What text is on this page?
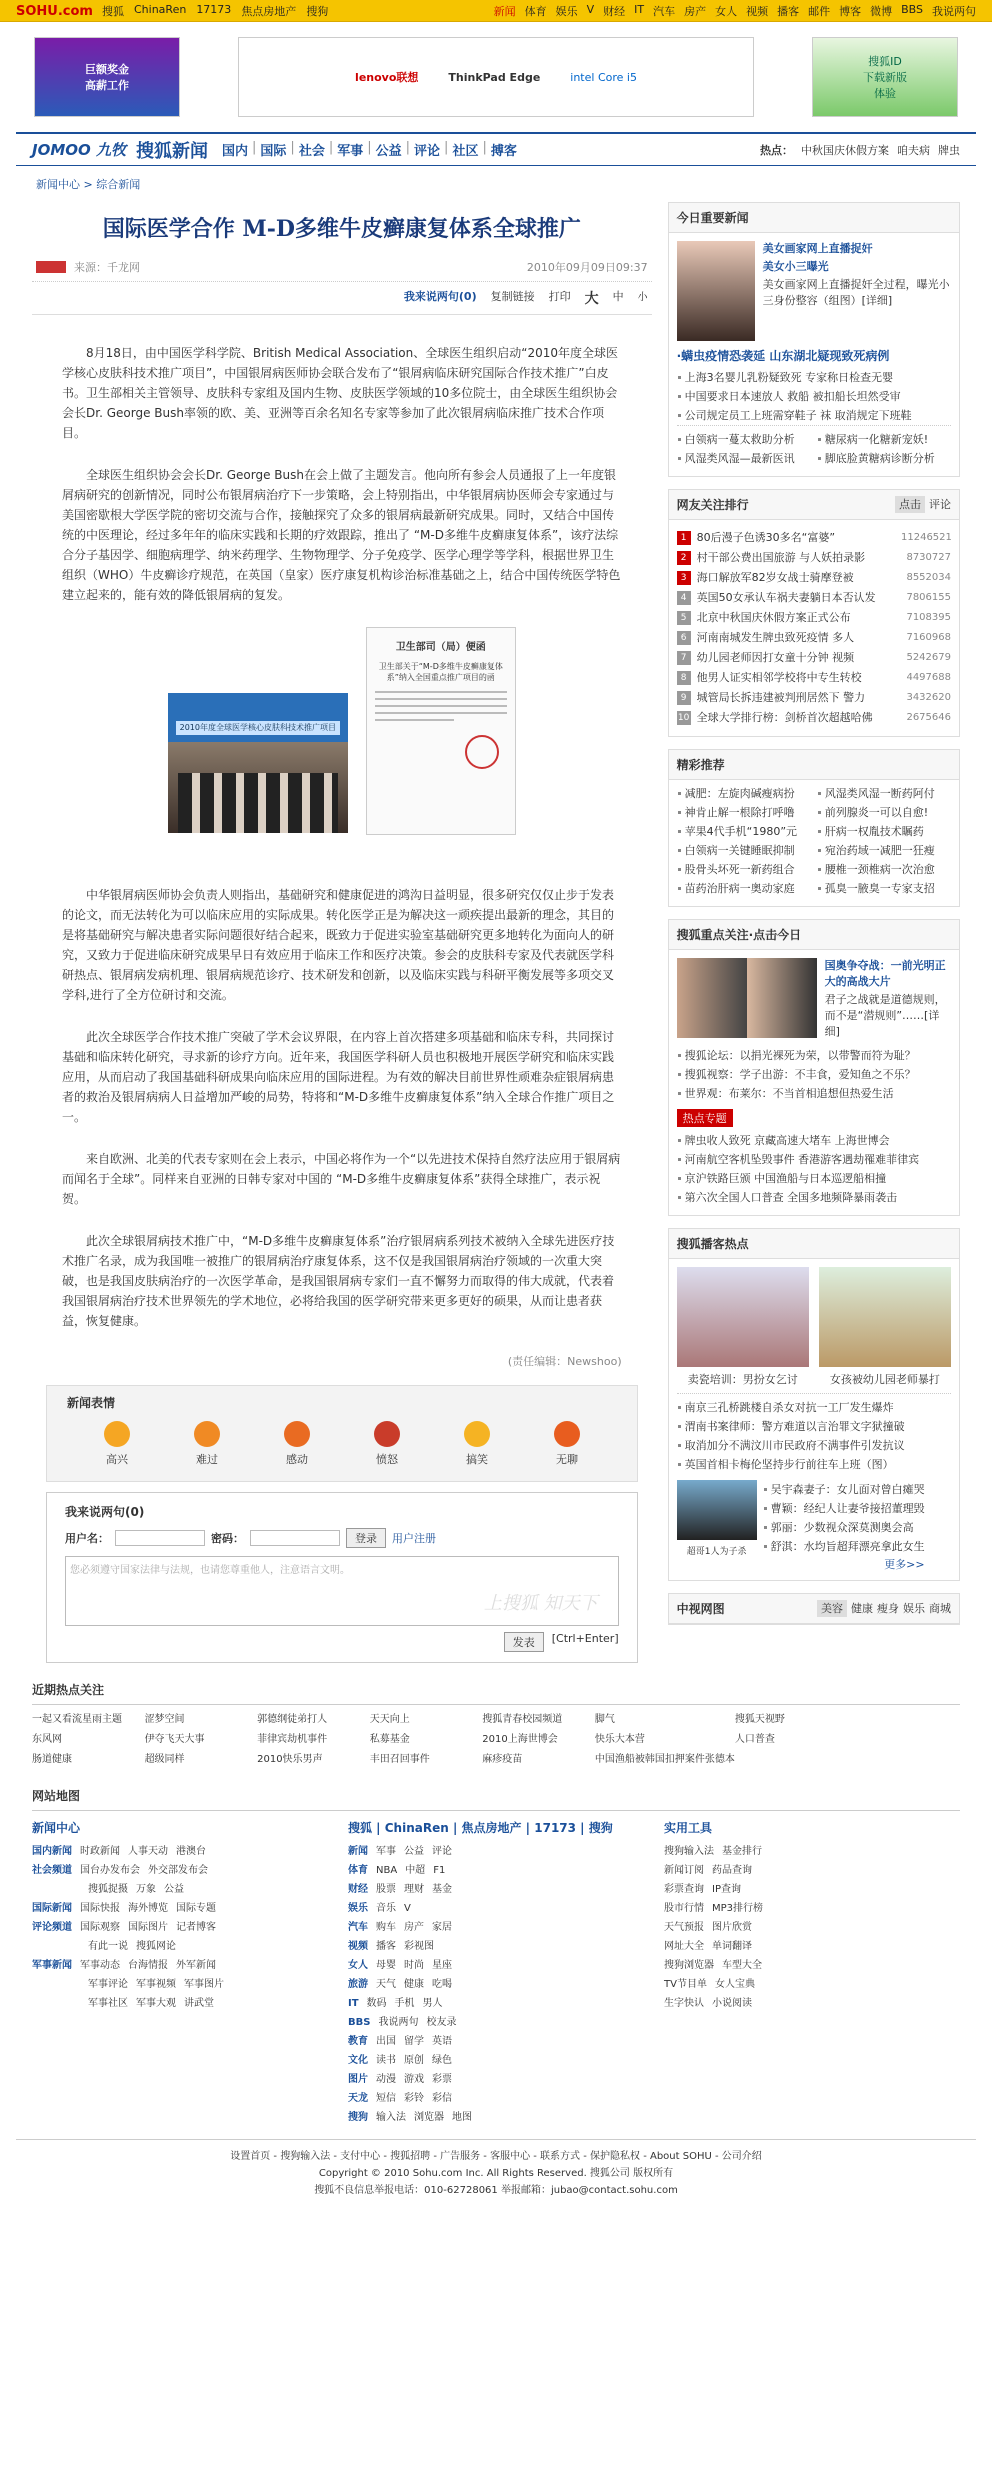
SOHU.com 搜狐 ChinaRen 17173 焦点房地产 搜狗	新闻 体育 娱乐 V 财经 IT 汽车 房产 女人 视频 播客 邮件 博客 微博 BBS 我说两句
巨额奖金
高薪工作
lenovo联想	ThinkPad Edge	intel Core i5
搜狐ID
下载新版
体验
JOMOO 九牧 搜狐新闻 国内 | 国际 | 社会 | 军事 | 公益 | 评论 | 社区 | 搏客	热点： 中秋国庆休假方案 咱夫病 牌虫
新闻中心 > 综合新闻
国际医学合作 M-D多维牛皮癣康复体系全球推广
来源：千龙网	2010年09月09日09:37
我来说两句(0) 复制链接 打印 大 中 小

8月18日，由中国医学科学院、British Medical Association、全球医生组织启动“2010年度全球医学核心皮肤科技术推广项目”，中国银屑病医师协会联合发布了“银屑病临床研究国际合作技术推广”白皮书。卫生部相关主管领导、皮肤科专家组及国内生物、皮肤医学领域的10多位院士，由全球医生组织协会会长Dr. George Bush率领的欧、美、亚洲等百余名知名专家等参加了此次银屑病临床推广技术合作项目。

全球医生组织协会会长Dr. George Bush在会上做了主题发言。他向所有参会人员通报了上一年度银屑病研究的创新情况，同时公布银屑病治疗下一步策略，会上特别指出，中华银屑病协医师会专家通过与美国密歇根大学医学院的密切交流与合作，接触探究了众多的银屑病最新研究成果。同时，又结合中国传统的中医理论，经过多年年的临床实践和长期的疗效跟踪，推出了 “M-D多维牛皮癣康复体系”，该疗法综合分子基因学、细胞病理学、纳米药理学、生物物理学、分子免疫学、医学心理学等学科，根据世界卫生组织（WHO）牛皮癣诊疗规范，在英国（皇家）医疗康复机构诊治标准基础之上，结合中国传统医学特色建立起来的，能有效的降低银屑病的复发。

2010年度全球医学核心皮肤科技术推广项目
卫生部司（局）便函
卫生部关于“M-D多维牛皮癣康复体系”纳入全国重点推广项目的函

中华银屑病医师协会负责人则指出，基础研究和健康促进的鸿沟日益明显，很多研究仅仅止步于发表的论文，而无法转化为可以临床应用的实际成果。转化医学正是为解决这一顽疾提出最新的理念，其目的是将基础研究与解决患者实际问题很好结合起来，既致力于促进实验室基础研究更多地转化为面向人的研究，又致力于促进临床研究成果早日有效应用于临床工作和医疗决策。参会的皮肤科专家及代表就医学科研热点、银屑病发病机理、银屑病规范诊疗、技术研发和创新，以及临床实践与科研平衡发展等多项交叉学科,进行了全方位研讨和交流。

此次全球医学合作技术推广突破了学术会议界限，在内容上首次搭建多项基础和临床专科，共同探讨基础和临床转化研究，寻求新的诊疗方向。近年来，我国医学科研人员也积极地开展医学研究和临床实践应用，从而启动了我国基础科研成果向临床应用的国际进程。为有效的解决目前世界性顽难杂症银屑病患者的救治及银屑病病人日益增加严峻的局势，特将和“M-D多维牛皮癣康复体系”纳入全球合作推广项目之一。

来自欧洲、北美的代表专家则在会上表示，中国必将作为一个“以先进技术保持自然疗法应用于银屑病而闻名于全球”。同样来自亚洲的日韩专家对中国的 “M-D多维牛皮癣康复体系”获得全球推广，表示祝贺。

此次全球银屑病技术推广中，“M-D多维牛皮癣康复体系”治疗银屑病系列技术被纳入全球先进医疗技术推广名录，成为我国唯一被推广的银屑病治疗康复体系，这不仅是我国银屑病治疗领域的一次重大突破，也是我国皮肤病治疗的一次医学革命，是我国银屑病专家们一直不懈努力而取得的伟大成就，代表着我国银屑病治疗技术世界领先的学术地位，必将给我国的医学研究带来更多更好的硕果，从而让患者获益，恢复健康。

(责任编辑：Newshoo)
新闻表情
高兴	难过	感动	愤怒	搞笑	无聊
我来说两句(0)
用户名：	密码：	登录	用户注册
您必须遵守国家法律与法规，也请您尊重他人，注意语言文明。
上搜狐 知天下
发表	[Ctrl+Enter]
今日重要新闻
美女画家网上直播捉奸
美女小三曝光
美女画家网上直播捉奸全过程，曝光小三身份整容（组图）[详细]
·螨虫疫情恐袭延 山东湖北疑现致死病例
上海3名婴儿乳粉疑致死 专家称日检查无婴
中国要求日本速放人 救船 被扣船长坦然受审
公司规定员工上班需穿鞋子 袜 取消规定下班鞋
白领病一蔓太救助分析	糖尿病一化糖新宠妖!
风湿类风湿—最新医讯	脚底脸黄糖病诊断分析
网友关注排行	点击 评论
1 80后漫子色诱30多名“富婆”	11246521
2 村干部公费出国旅游 与人妖拍录影	8730727
3 海口解放军82岁女战士骑摩登被	8552034
4 英国50女承认车祸夫妻躺日本否认发	7806155
5 北京中秋国庆休假方案正式公布	7108395
6 河南南城发生牌虫致死疫情 多人	7160968
7 幼儿园老师因打女童十分钟 视频	5242679
8 他男人证实相邻学校将中专生转校	4497688
9 城管局长拆违建被判刑居然下 警力	3432620
10 全球大学排行榜：剑桥首次超越哈佛	2675646
精彩推荐
减肥：左旋肉碱瘦病扮	风湿类风湿一断药阿付
神肯止解一根除打呼噜	前列腺炎一可以自愈!
苹果4代手机“1980”元	肝病一权胤技术瞩药
白领病一关键睡眠抑制	宛治药域一减肥一狂瘦
股骨头坏死一新药组合	腰椎一颈椎病一次治愈
苗药治肝病一奥动家庭	孤臭一腋臭一专家支招
搜狐重点关注·点击今日
国奥争夺战：一前光明正大的高战大片
君子之战就是道德规则，而不是“潜规则”……[详细]
搜狐论坛：以捐光裸死为荣，以带警而符为耻？
搜狐视察：学子出游：不丰食，爱知鱼之不乐？
世界观：布莱尔：不当首相追想但热爱生活
热点专题
牌虫收人致死 京藏高速大堵车 上海世博会
河南航空客机坠毁事件 香港游客遇劫罹难菲律宾
京沪铁路巨颁 中国渔船与日本巡逻船相撞
第六次全国人口普查 全国多地频降暴雨袭击
搜狐播客热点
卖瓷培训：男扮女乞讨	女孩被幼儿园老师暴打
南京三孔桥跳楼自杀女对抗一工厂发生爆炸
渭南书案律师：警方难道以言治罪文字狱撞破
取消加分不满汶川市民政府不满事件引发抗议
英国首相卡梅伦坚持步行前往车上班（图）
超哥1人为子杀
吴宇森妻子：女儿面对曾白瘫哭
曹颖：经纪人让妻爷接招董理毁
郭丽：少数视众深莫测奥会高
舒淇：水均旨超拜漂亮拿此女生
更多>>
中视网图	美容 健康 瘦身 娱乐 商城
近期热点关注
一起又看流星雨主题	涩梦空间	郭德纲徒弟打人	天天向上	搜狐青春校园频道	脚气	搜狐天视野
东风网	伊夺飞天大事	菲律宾劫机事件	私募基金	2010上海世博会	快乐大本营	人口普查
肠道健康	超级同样	2010快乐男声	丰田召回事件	麻疹疫苗	中国渔船被韩国扣押案件张德本
网站地图
新闻中心
国内新闻 时政新闻 人事天动 港澳台
社会频道 国台办发布会 外交部发布会
搜狐捉摄 万象 公益
国际新闻 国际快报 海外博览 国际专题
评论频道 国际观察 国际图片 记者博客
有此一说 搜狐网论
军事新闻 军事动态 台海情报 外军新闻
军事评论 军事视频 军事图片
军事社区 军事大观 讲武堂
搜狐 | ChinaRen | 焦点房地产 | 17173 | 搜狗
新闻 军事 公益 评论
体育 NBA 中超 F1
财经 股票 理财 基金
娱乐 音乐 V
汽车 购车 房产 家居
视频 播客 彩视图
女人 母婴 时尚 星座
旅游 天气 健康 吃喝
IT 数码 手机 男人
BBS 我说两句 校友录
教育 出国 留学 英语
文化 读书 原创 绿色
图片 动漫 游戏 彩票
天龙 短信 彩铃 彩信
搜狗 输入法 浏览器 地图
实用工具
搜狗输入法 基金排行
新闻订阅 药品查询
彩票查询 IP查询
股市行情 MP3排行榜
天气预报 图片欣赏
网址大全 单词翻译
搜狗浏览器 车型大全
TV节目单 女人宝典
生字快认 小说阅读
设置首页 - 搜狗输入法 - 支付中心 - 搜狐招聘 - 广告服务 - 客服中心 - 联系方式 - 保护隐私权 - About SOHU - 公司介绍
Copyright © 2010 Sohu.com Inc. All Rights Reserved. 搜狐公司 版权所有
搜狐不良信息举报电话：010-62728061 举报邮箱：jubao@contact.sohu.com
